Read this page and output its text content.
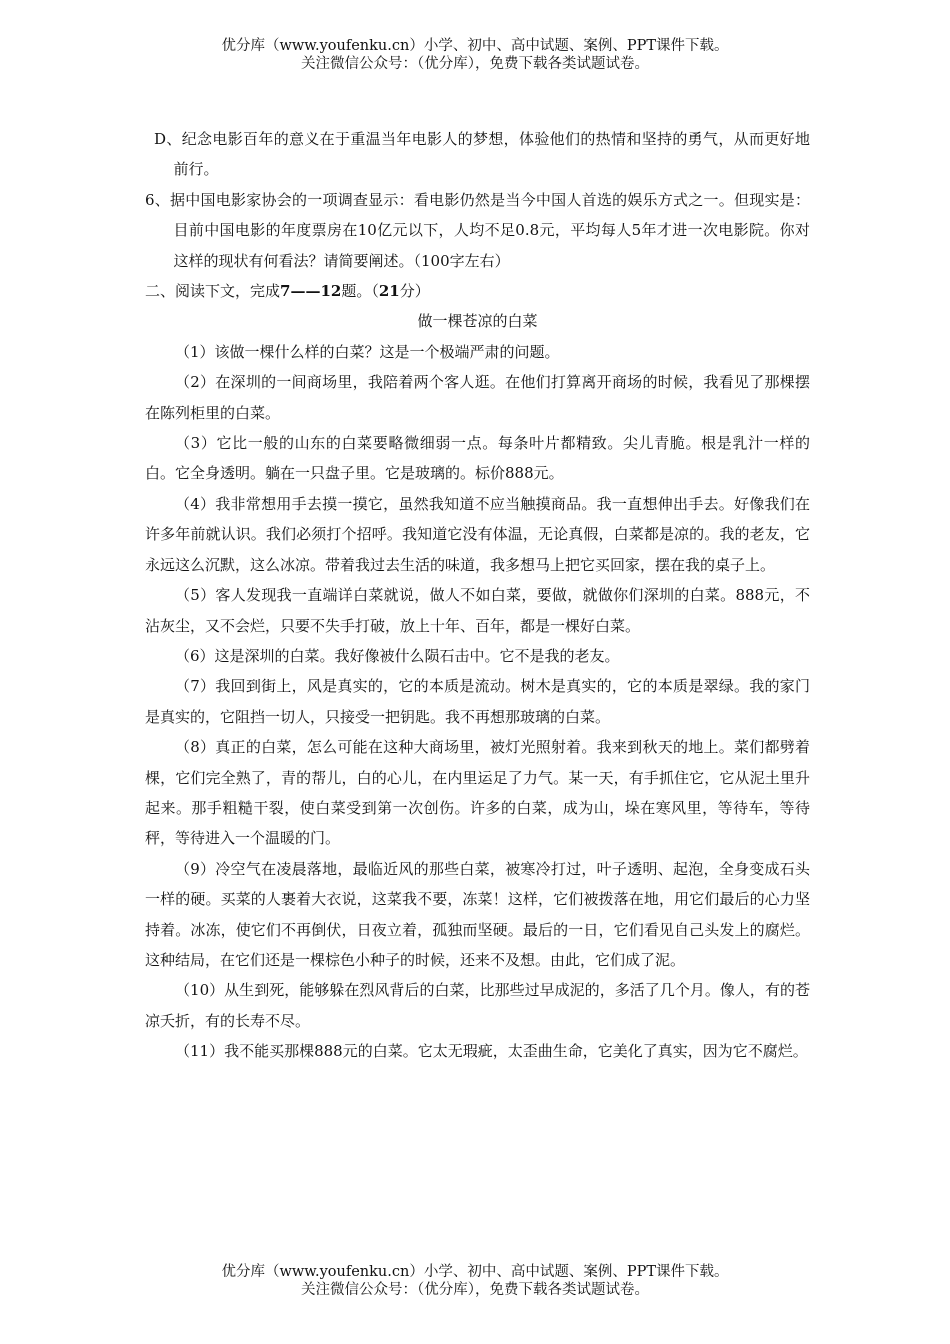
优分库（www.youfenku.cn）小学、初中、高中试题、案例、PPT课件下载。
关注微信公众号：（优分库），免费下载各类试题试卷。

D、纪念电影百年的意义在于重温当年电影人的梦想，体验他们的热情和坚持的勇气，从而更好地前行。

6、据中国电影家协会的一项调查显示：看电影仍然是当今中国人首选的娱乐方式之一。但现实是：目前中国电影的年度票房在10亿元以下，人均不足0.8元，平均每人5年才进一次电影院。你对这样的现状有何看法？请简要阐述。（100字左右）

二、阅读下文，完成7——12题。（21分）

做一棵苍凉的白菜

（1）该做一棵什么样的白菜？这是一个极端严肃的问题。

（2）在深圳的一间商场里，我陪着两个客人逛。在他们打算离开商场的时候，我看见了那棵摆在陈列柜里的白菜。

（3）它比一般的山东的白菜要略微细弱一点。每条叶片都精致。尖儿青脆。根是乳汁一样的白。它全身透明。躺在一只盘子里。它是玻璃的。标价888元。

（4）我非常想用手去摸一摸它，虽然我知道不应当触摸商品。我一直想伸出手去。好像我们在许多年前就认识。我们必须打个招呼。我知道它没有体温，无论真假，白菜都是凉的。我的老友，它永远这么沉默，这么冰凉。带着我过去生活的味道，我多想马上把它买回家，摆在我的桌子上。

（5）客人发现我一直端详白菜就说，做人不如白菜，要做，就做你们深圳的白菜。888元，不沾灰尘，又不会烂，只要不失手打破，放上十年、百年，都是一棵好白菜。

（6）这是深圳的白菜。我好像被什么陨石击中。它不是我的老友。

（7）我回到街上，风是真实的，它的本质是流动。树木是真实的，它的本质是翠绿。我的家门是真实的，它阻挡一切人，只接受一把钥匙。我不再想那玻璃的白菜。

（8）真正的白菜，怎么可能在这种大商场里，被灯光照射着。我来到秋天的地上。菜们都劈着棵，它们完全熟了，青的帮儿，白的心儿，在内里运足了力气。某一天，有手抓住它，它从泥土里升起来。那手粗糙干裂，使白菜受到第一次创伤。许多的白菜，成为山，垛在寒风里，等待车，等待秤，等待进入一个温暖的门。

（9）冷空气在凌晨落地，最临近风的那些白菜，被寒冷打过，叶子透明、起泡，全身变成石头一样的硬。买菜的人裹着大衣说，这菜我不要，冻菜！这样，它们被拨落在地，用它们最后的心力坚持着。冰冻，使它们不再倒伏，日夜立着，孤独而坚硬。最后的一日，它们看见自己头发上的腐烂。这种结局，在它们还是一棵棕色小种子的时候，还来不及想。由此，它们成了泥。

（10）从生到死，能够躲在烈风背后的白菜，比那些过早成泥的，多活了几个月。像人，有的苍凉夭折，有的长寿不尽。

（11）我不能买那棵888元的白菜。它太无瑕疵，太歪曲生命，它美化了真实，因为它不腐烂。

优分库（www.youfenku.cn）小学、初中、高中试题、案例、PPT课件下载。
关注微信公众号：（优分库），免费下载各类试题试卷。
